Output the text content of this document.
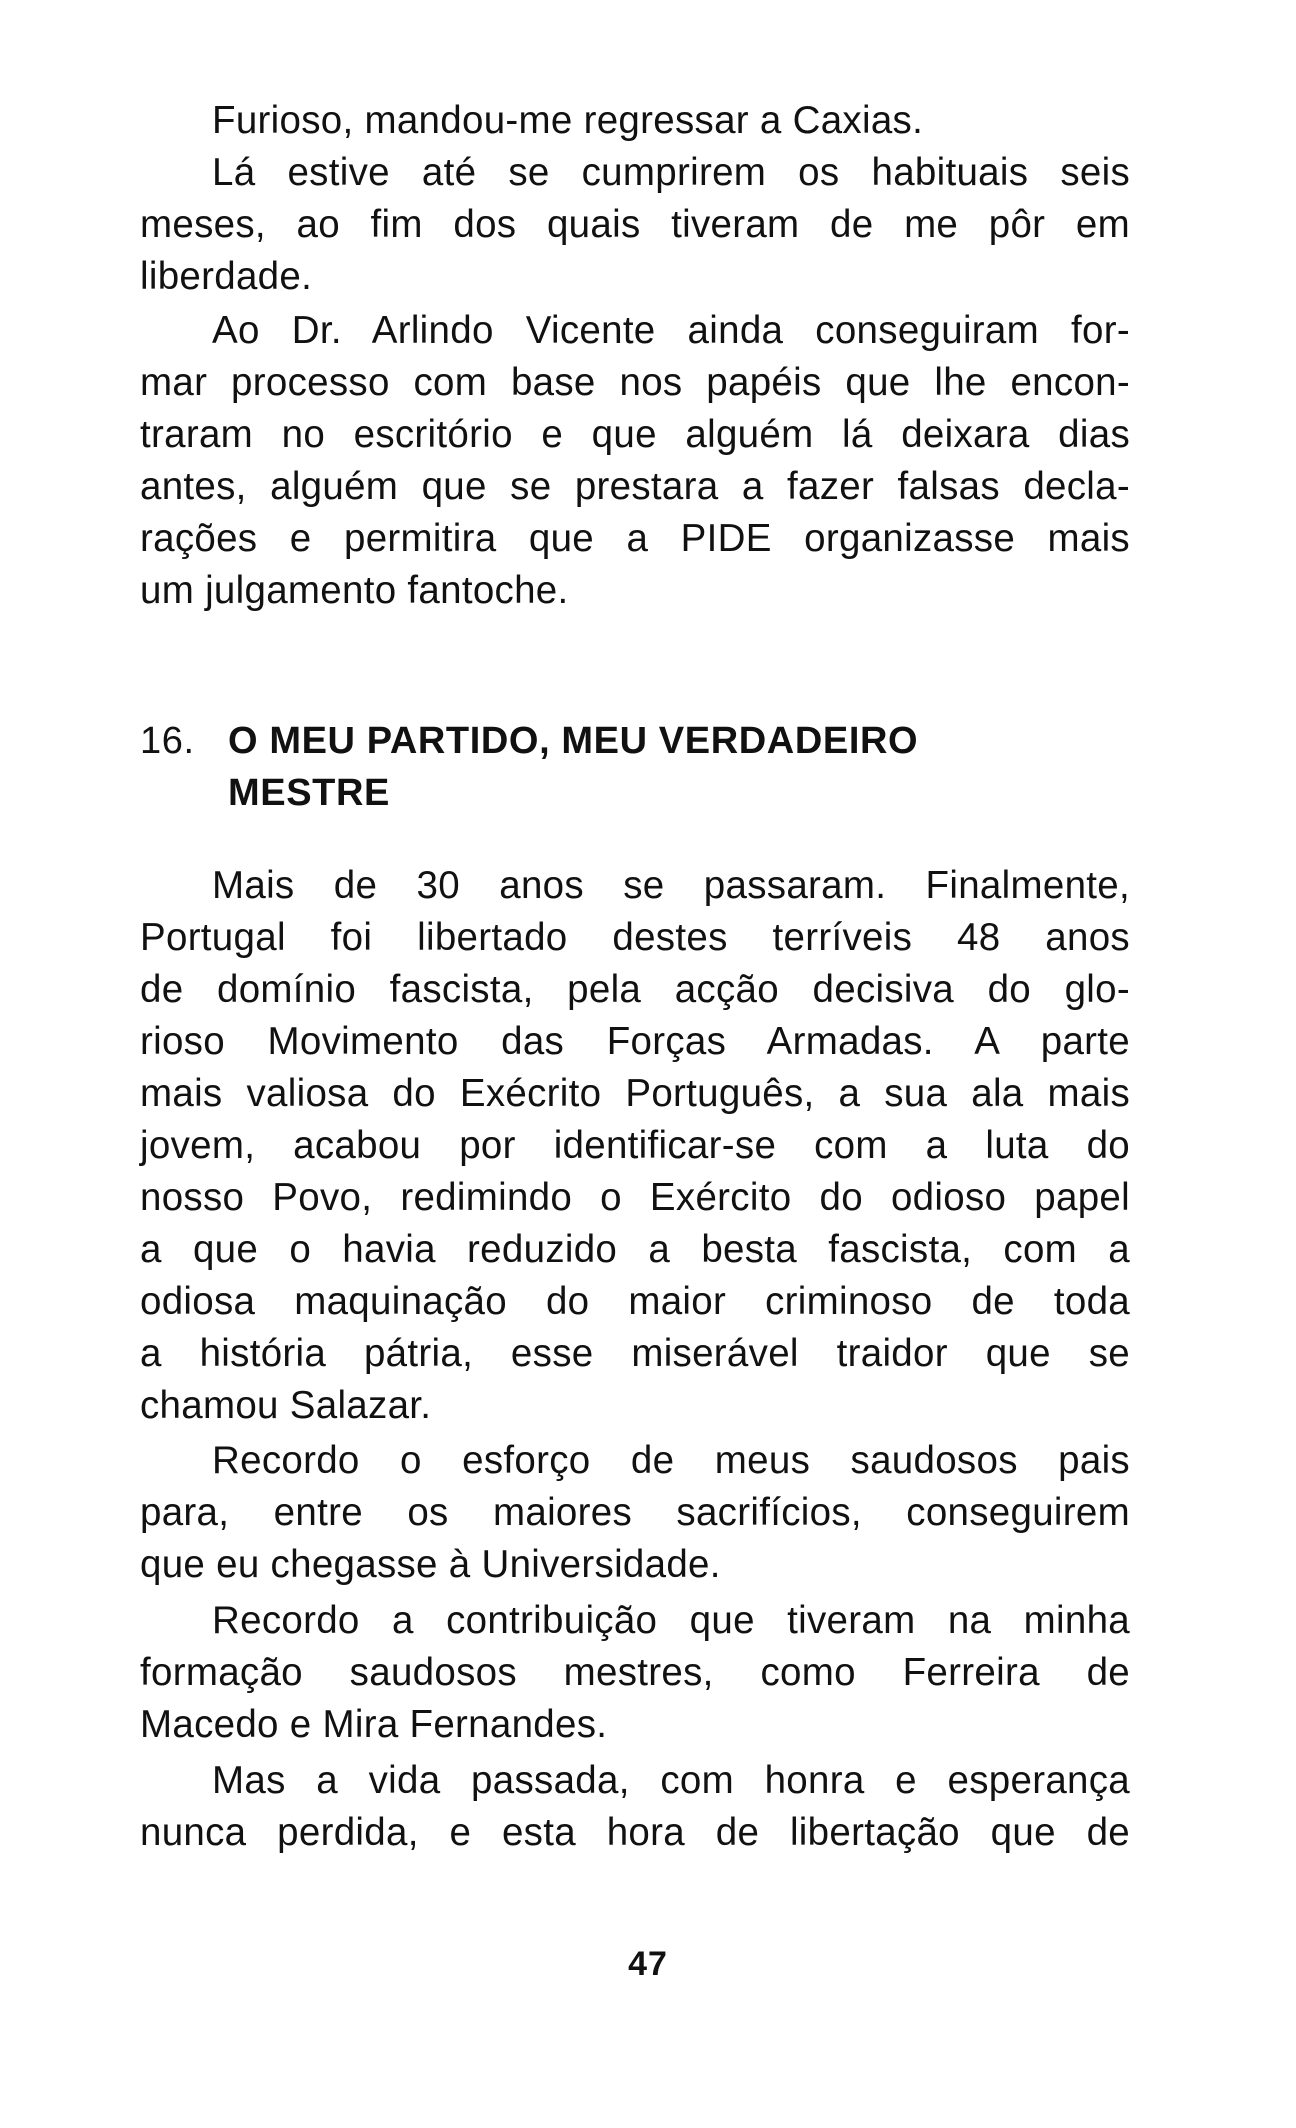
Furioso, mandou-me regressar a Caxias.
Lá estive até se cumprirem os habituais seis
meses, ao fim dos quais tiveram de me pôr em
liberdade.
Ao Dr. Arlindo Vicente ainda conseguiram for-
mar processo com base nos papéis que lhe encon-
traram no escritório e que alguém lá deixara dias
antes, alguém que se prestara a fazer falsas decla-
rações e permitira que a PIDE organizasse mais
um julgamento fantoche.
16. O MEU PARTIDO, MEU VERDADEIRO
MESTRE
Mais de 30 anos se passaram. Finalmente,
Portugal foi libertado destes terríveis 48 anos
de domínio fascista, pela acção decisiva do glo-
rioso Movimento das Forças Armadas. A parte
mais valiosa do Exécrito Português, a sua ala mais
jovem, acabou por identificar-se com a luta do
nosso Povo, redimindo o Exército do odioso papel
a que o havia reduzido a besta fascista, com a
odiosa maquinação do maior criminoso de toda
a história pátria, esse miserável traidor que se
chamou Salazar.
Recordo o esforço de meus saudosos pais
para, entre os maiores sacrifícios, conseguirem
que eu chegasse à Universidade.
Recordo a contribuição que tiveram na minha
formação saudosos mestres, como Ferreira de
Macedo e Mira Fernandes.
Mas a vida passada, com honra e esperança
nunca perdida, e esta hora de libertação que de
47
